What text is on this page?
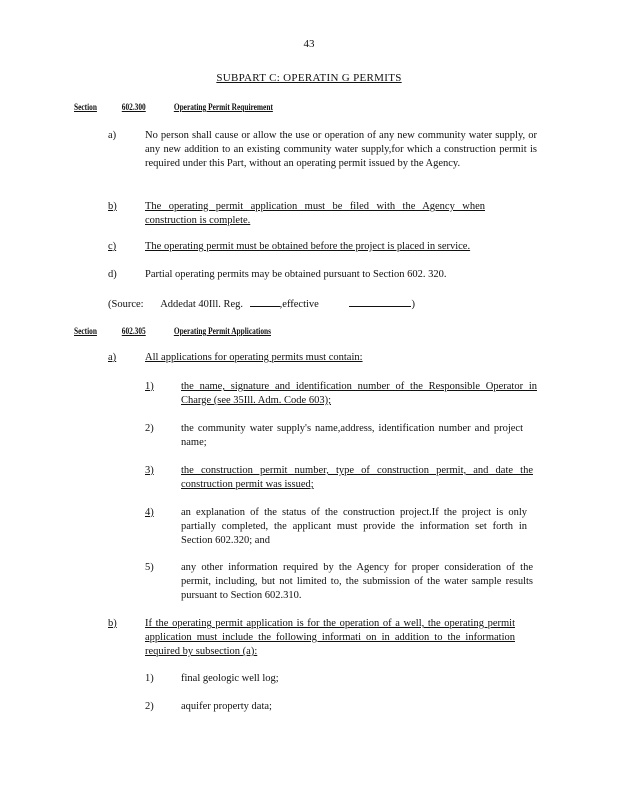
43
SUBPART C: OPERATIN G PERMITS
Section	602.300	Operating Permit Requirement
a)	No person shall cause or allow the use or operation of any new community water supply, or any new addition to an existing community water supply,for which a construction permit is required under this Part, without an operating permit issued by the Agency.
b)	The operating permit application must be filed with the Agency when construction is complete.
c)	The operating permit must be obtained before the project is placed in service.
d)	Partial operating permits may be obtained pursuant to Section 602. 320.
(Source: Addedat 40Ill. Reg.	,effective	)
Section	602.305	Operating Permit Applications
a)	All applications for operating permits must contain:
1)	the name, signature and identification number of the Responsible Operator in Charge (see 35Ill. Adm. Code 603);
2)	the community water supply's name,address, identification number and project name;
3)	the construction permit number, type of construction permit, and date the construction permit was issued;
4)	an explanation of the status of the construction project.If the project is only partially completed, the applicant must provide the information set forth in Section 602.320; and
5)	any other information required by the Agency for proper consideration of the permit, including, but not limited to, the submission of the water sample results pursuant to Section 602.310.
b)	If the operating permit application is for the operation of a well, the operating permit application must include the following informati on in addition to the information required by subsection (a):
1)	final geologic well log;
2)	aquifer property data;
